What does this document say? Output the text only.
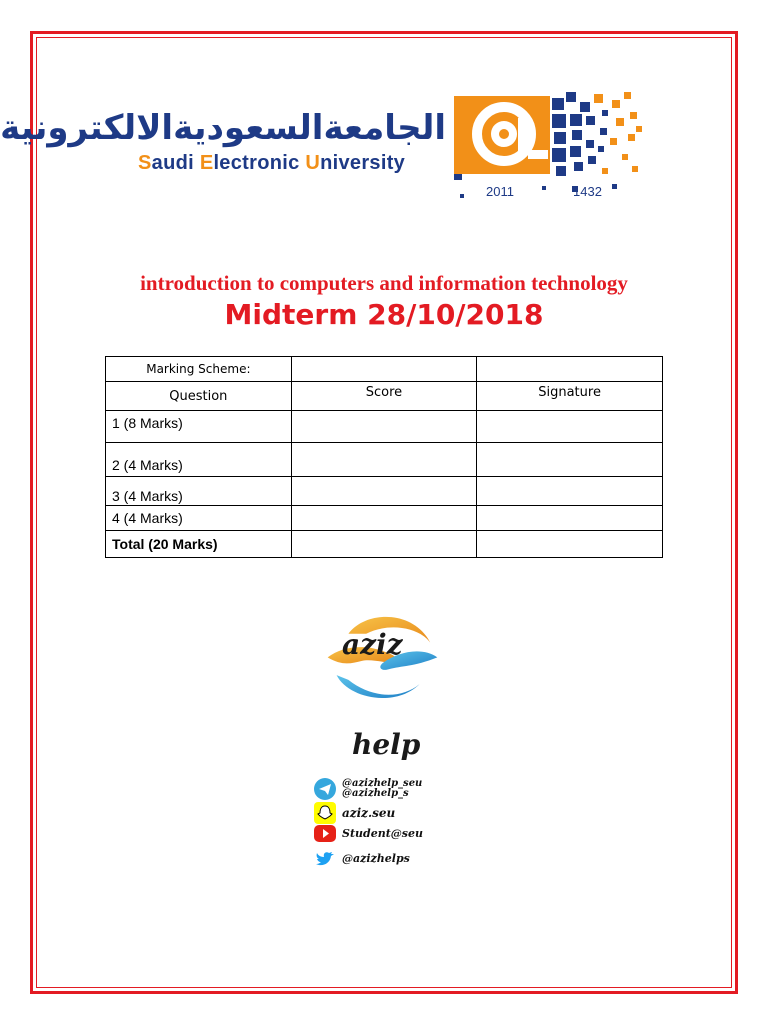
الجامعةالسعوديةالالكترونية
Saudi Electronic University
2011	1432
introduction to computers and information technology
Midterm 28/10/2018
Marking Scheme:		
Question	Score	Signature
1 (8 Marks)		
2 (4 Marks)		
3 (4 Marks)		
4 (4 Marks)		
Total (20 Marks)		
aziz
help
@azizhelp_seu
@azizhelp_s
aziz.seu
Student@seu
@azizhelps
